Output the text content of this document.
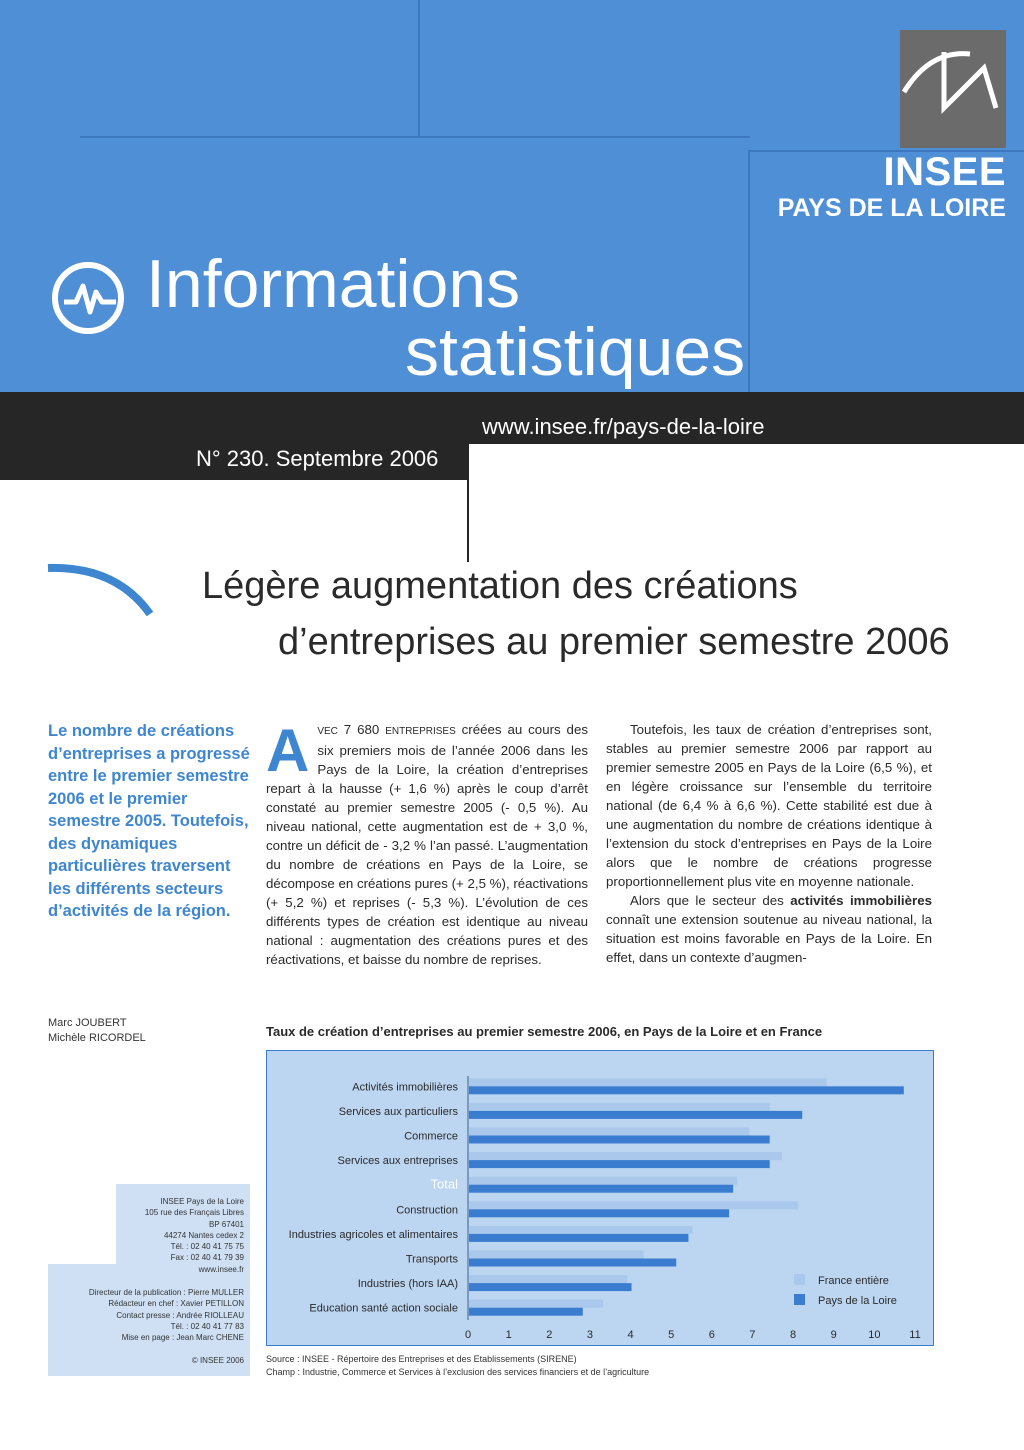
INSEE
PAYS DE LA LOIRE
Informations
statistiques
www.insee.fr/pays-de-la-loire
N° 230. Septembre 2006
Légère augmentation des créations
d’entreprises au premier semestre 2006
Le nombre de créations d’entreprises a progressé entre le premier semestre 2006 et le premier semestre 2005. Toutefois, des dynamiques particulières traversent les différents secteurs d’activités de la région.

AVEC 7 680 ENTREPRISES créées au cours des six premiers mois de l’année 2006 dans les Pays de la Loire, la création d’entreprises repart à la hausse (+ 1,6 %) après le coup d’arrêt constaté au premier semestre 2005 (- 0,5 %). Au niveau national, cette augmentation est de + 3,0 %, contre un déficit de - 3,2 % l’an passé. L’augmentation du nombre de créations en Pays de la Loire, se décompose en créations pures (+ 2,5 %), réactivations (+ 5,2 %) et reprises (- 5,3 %). L’évolution de ces différents types de création est identique au niveau national : augmentation des créations pures et des réactivations, et baisse du nombre de reprises.

Toutefois, les taux de création d’entreprises sont, stables au premier semestre 2006 par rapport au premier semestre 2005 en Pays de la Loire (6,5 %), et en légère croissance sur l’ensemble du territoire national (de 6,4 % à 6,6 %). Cette stabilité est due à une augmentation du nombre de créations identique à l’extension du stock d’entreprises en Pays de la Loire alors que le nombre de créations progresse proportionnellement plus vite en moyenne nationale.

Alors que le secteur des activités immobilières connaît une extension soutenue au niveau national, la situation est moins favorable en Pays de la Loire. En effet, dans un contexte d’augmen-

Marc JOUBERT
Michèle RICORDEL
INSEE Pays de la Loire
105 rue des Français Libres
BP 67401
44274 Nantes cedex 2
Tél. : 02 40 41 75 75
Fax : 02 40 41 79 39
www.insee.fr
Directeur de la publication : Pierre MULLER
Rédacteur en chef : Xavier PETILLON
Contact presse : Andrée RIOLLEAU
Tél. : 02 40 41 77 83
Mise en page : Jean Marc CHENE
© INSEE 2006
Taux de création d’entreprises au premier semestre 2006, en Pays de la Loire et en France
Activités immobilières
Services aux particuliers
Commerce
Services aux entreprises
Total
Construction
Industries agricoles et alimentaires
Transports
Industries (hors IAA)
Education santé action sociale
0	1	2	3	4	5	6	7	8	9	10	11
France entière
Pays de la Loire
Source : INSEE - Répertoire des Entreprises et des Etablissements (SIRENE)
Champ : Industrie, Commerce et Services à l’exclusion des services financiers et de l’agriculture
